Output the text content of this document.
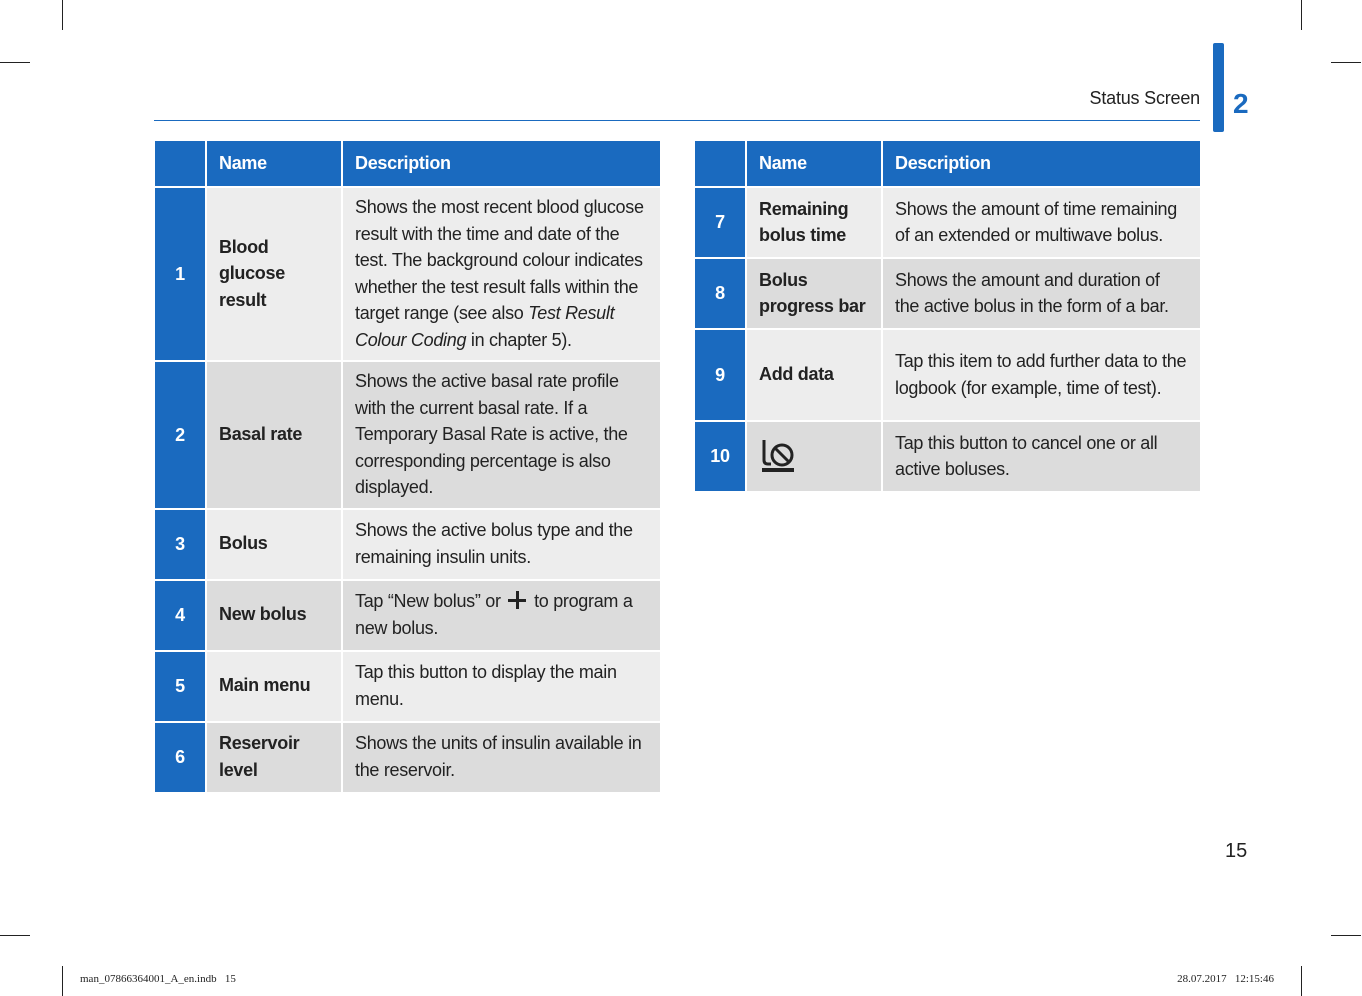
Status Screen 2
	Name	Description
1	Blood glucose result	Shows the most recent blood glucose result with the time and date of the test. The background colour indicates whether the test result falls within the target range (see also Test Result Colour Coding in chapter 5).
2	Basal rate	Shows the active basal rate profile with the current basal rate. If a Temporary Basal Rate is active, the corresponding percentage is also displayed.
3	Bolus	Shows the active bolus type and the remaining insulin units.
4	New bolus	Tap “New bolus” or to program a new bolus.
5	Main menu	Tap this button to display the main menu.
6	Reservoir level	Shows the units of insulin available in the reservoir.
	Name	Description
7	Remaining bolus time	Shows the amount of time remaining of an extended or multiwave bolus.
8	Bolus progress bar	Shows the amount and duration of the active bolus in the form of a bar.
9	Add data	Tap this item to add further data to the logbook (for example, time of test).
10		Tap this button to cancel one or all active boluses.
15
man_07866364001_A_en.indb   15	28.07.2017   12:15:46
